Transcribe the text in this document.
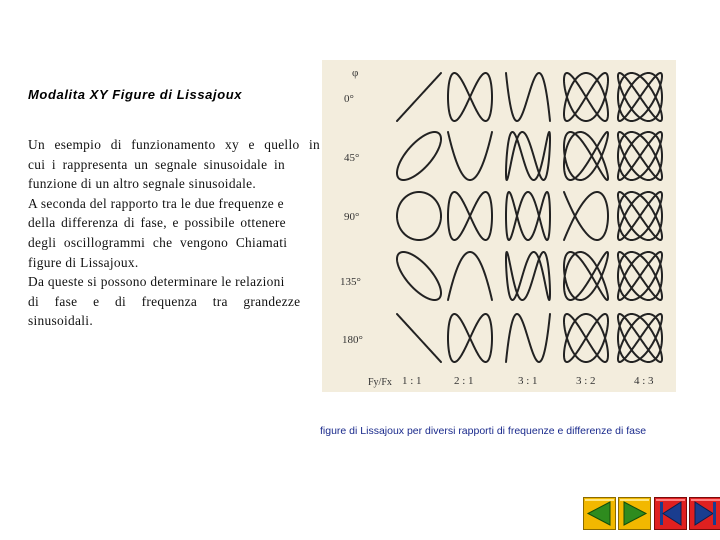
Modalita XY Figure di Lissajoux
Un esempio di funzionamento xy e quello in
cui i rappresenta un segnale sinusoidale in
funzione di un altro segnale sinusoidale.
A seconda del rapporto tra le due frequenze e
della differenza di fase, e possibile ottenere
degli oscillogrammi che vengono Chiamati
figure di Lissajoux.
Da queste si possono determinare le relazioni
di fase e di frequenza tra grandezze
sinusoidali.
φ
0°
45°
90°
135°
180°
Fy/Fx 1 : 1	2 : 1	3 : 1	3 : 2	4 : 3
figure di Lissajoux per diversi rapporti di frequenze e differenze di fase
